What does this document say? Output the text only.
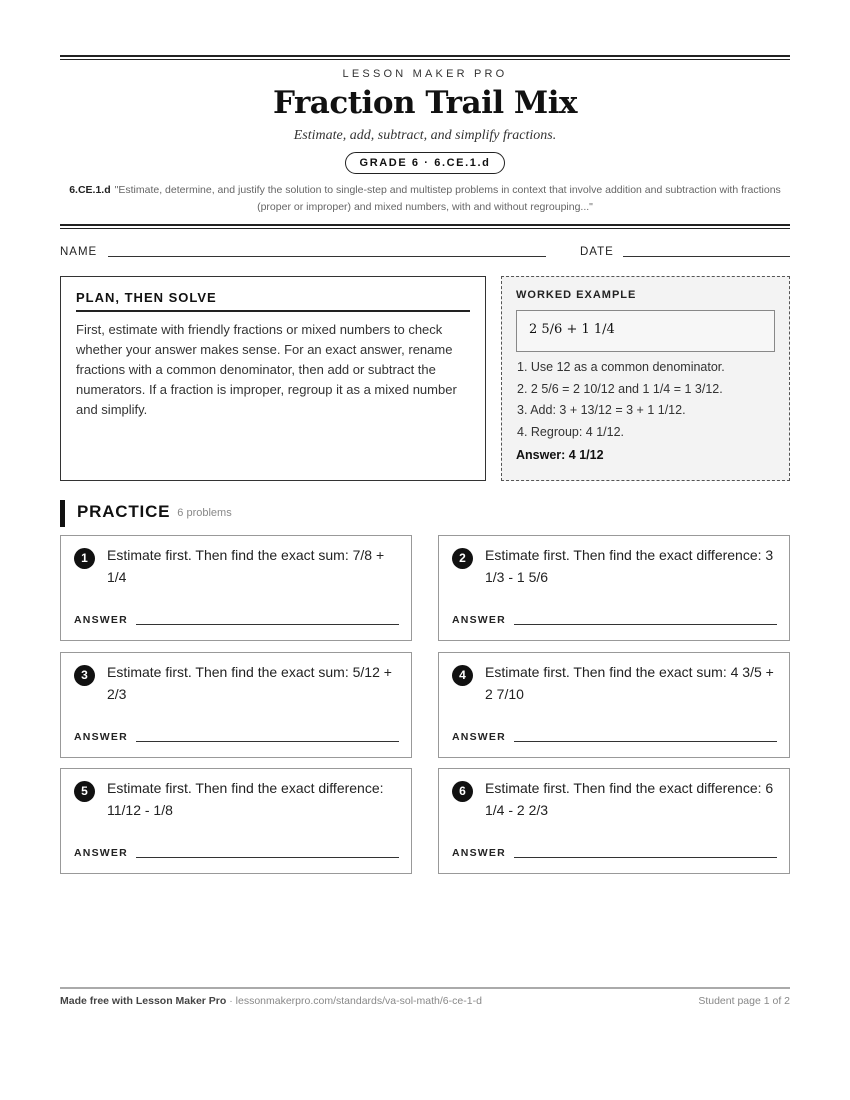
LESSON MAKER PRO
Fraction Trail Mix
Estimate, add, subtract, and simplify fractions.
GRADE 6 · 6.CE.1.d
6.CE.1.d "Estimate, determine, and justify the solution to single-step and multistep problems in context that involve addition and subtraction with fractions (proper or improper) and mixed numbers, with and without regrouping..."
NAME	DATE
PLAN, THEN SOLVE
First, estimate with friendly fractions or mixed numbers to check whether your answer makes sense. For an exact answer, rename fractions with a common denominator, then add or subtract the numerators. If a fraction is improper, regroup it as a mixed number and simplify.
WORKED EXAMPLE
2 5/6 + 1 1/4
1. Use 12 as a common denominator.
2. 2 5/6 = 2 10/12 and 1 1/4 = 1 3/12.
3. Add: 3 + 13/12 = 3 + 1 1/12.
4. Regroup: 4 1/12.
Answer: 4 1/12
PRACTICE 6 problems
1	Estimate first. Then find the exact sum: 7/8 + 1/4
ANSWER
2	Estimate first. Then find the exact difference: 3 1/3 - 1 5/6
ANSWER
3	Estimate first. Then find the exact sum: 5/12 + 2/3
ANSWER
4	Estimate first. Then find the exact sum: 4 3/5 + 2 7/10
ANSWER
5	Estimate first. Then find the exact difference: 11/12 - 1/8
ANSWER
6	Estimate first. Then find the exact difference: 6 1/4 - 2 2/3
ANSWER
Made free with Lesson Maker Pro · lessonmakerpro.com/standards/va-sol-math/6-ce-1-d	Student page 1 of 2
